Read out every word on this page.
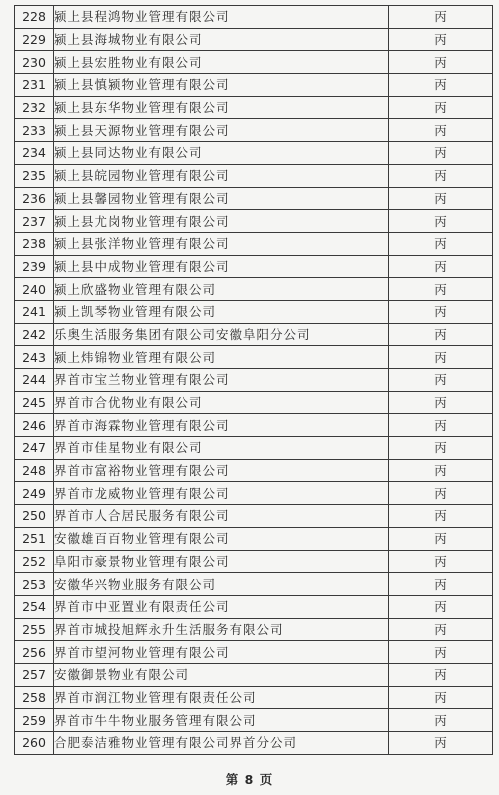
228	颍上县程鸿物业管理有限公司	丙
229	颍上县海城物业有限公司	丙
230	颍上县宏胜物业有限公司	丙
231	颍上县慎颍物业管理有限公司	丙
232	颍上县东华物业管理有限公司	丙
233	颍上县天源物业管理有限公司	丙
234	颍上县同达物业有限公司	丙
235	颍上县皖园物业管理有限公司	丙
236	颍上县馨园物业管理有限公司	丙
237	颍上县尤岗物业管理有限公司	丙
238	颍上县张洋物业管理有限公司	丙
239	颍上县中成物业管理有限公司	丙
240	颍上欣盛物业管理有限公司	丙
241	颍上凯琴物业管理有限公司	丙
242	乐奥生活服务集团有限公司安徽阜阳分公司	丙
243	颍上炜锦物业管理有限公司	丙
244	界首市宝兰物业管理有限公司	丙
245	界首市合优物业有限公司	丙
246	界首市海霖物业管理有限公司	丙
247	界首市佳星物业有限公司	丙
248	界首市富裕物业管理有限公司	丙
249	界首市龙威物业管理有限公司	丙
250	界首市人合居民服务有限公司	丙
251	安徽雄百百物业管理有限公司	丙
252	阜阳市豪景物业管理有限公司	丙
253	安徽华兴物业服务有限公司	丙
254	界首市中亚置业有限责任公司	丙
255	界首市城投旭辉永升生活服务有限公司	丙
256	界首市望河物业管理有限公司	丙
257	安徽御景物业有限公司	丙
258	界首市润江物业管理有限责任公司	丙
259	界首市牛牛物业服务管理有限公司	丙
260	合肥泰洁雅物业管理有限公司界首分公司	丙
第 8 页
